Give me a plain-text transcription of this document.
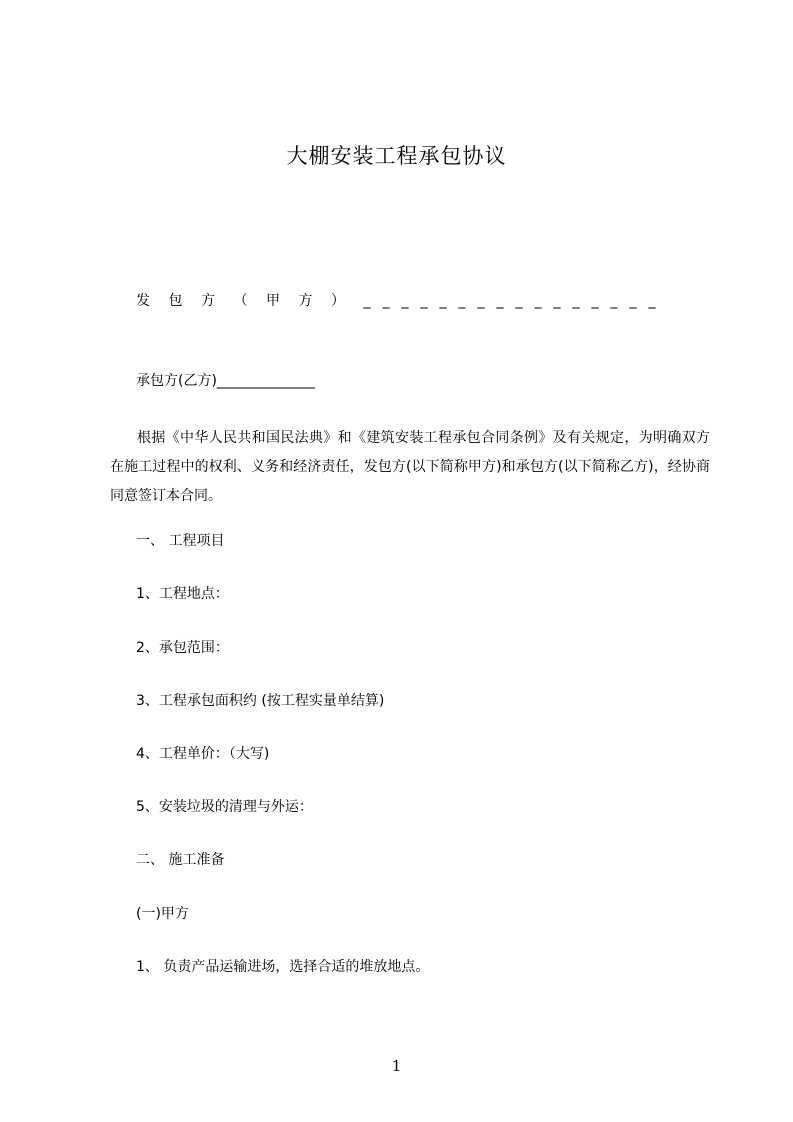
大棚安装工程承包协议
发包方（甲方）________________
承包方(乙方)______________
根据《中华人民共和国民法典》和《建筑安装工程承包合同条例》及有关规定，为明确双方在施工过程中的权利、义务和经济责任，发包方(以下简称甲方)和承包方(以下简称乙方)，经协商同意签订本合同。
一、 工程项目
1、工程地点：
2、承包范围：
3、工程承包面积约 (按工程实量单结算)
4、工程单价：（大写)
5、安装垃圾的清理与外运：
二、 施工准备
(一)甲方
1、 负责产品运输进场，选择合适的堆放地点。
1
